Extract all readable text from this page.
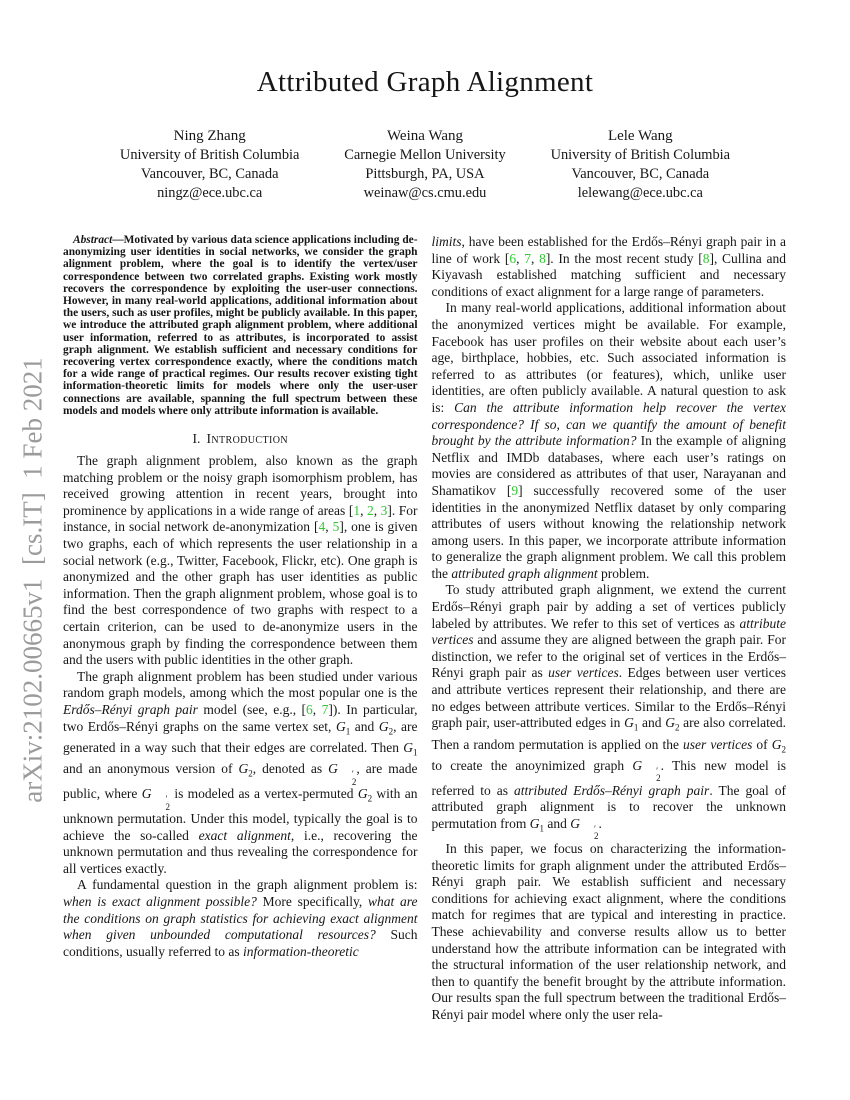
arXiv:2102.00665v1  [cs.IT]  1 Feb 2021
Attributed Graph Alignment
Ning Zhang
University of British Columbia
Vancouver, BC, Canada
ningz@ece.ubc.ca
Weina Wang
Carnegie Mellon University
Pittsburgh, PA, USA
weinaw@cs.cmu.edu
Lele Wang
University of British Columbia
Vancouver, BC, Canada
lelewang@ece.ubc.ca

Abstract—Motivated by various data science applications including de-anonymizing user identities in social networks, we consider the graph alignment problem, where the goal is to identify the vertex/user correspondence between two correlated graphs. Existing work mostly recovers the correspondence by exploiting the user-user connections. However, in many real-world applications, additional information about the users, such as user profiles, might be publicly available. In this paper, we introduce the attributed graph alignment problem, where additional user information, referred to as attributes, is incorporated to assist graph alignment. We establish sufficient and necessary conditions for recovering vertex correspondence exactly, where the conditions match for a wide range of practical regimes. Our results recover existing tight information-theoretic limits for models where only the user-user connections are available, spanning the full spectrum between these models and models where only attribute information is available.

I. Introduction

The graph alignment problem, also known as the graph matching problem or the noisy graph isomorphism problem, has received growing attention in recent years, brought into prominence by applications in a wide range of areas [1, 2, 3]. For instance, in social network de-anonymization [4, 5], one is given two graphs, each of which represents the user relationship in a social network (e.g., Twitter, Facebook, Flickr, etc). One graph is anonymized and the other graph has user identities as public information. Then the graph alignment problem, whose goal is to find the best correspondence of two graphs with respect to a certain criterion, can be used to de-anonymize users in the anonymous graph by finding the correspondence between them and the users with public identities in the other graph.

The graph alignment problem has been studied under various random graph models, among which the most popular one is the Erdős–Rényi graph pair model (see, e.g., [6, 7]). In particular, two Erdős–Rényi graphs on the same vertex set, $G_1$ and $G_2$, are generated in a way such that their edges are correlated. Then $G_1$ and an anonymous version of $G_2$, denoted as G	′
2
, are made public, where G	′
2
is modeled as a vertex-permuted $G_2$ with an unknown permutation. Under this model, typically the goal is to achieve the so-called exact alignment, i.e., recovering the unknown permutation and thus revealing the correspondence for all vertices exactly.

A fundamental question in the graph alignment problem is: when is exact alignment possible? More specifically, what are the conditions on graph statistics for achieving exact alignment when given unbounded computational resources? Such conditions, usually referred to as information-theoretic

limits, have been established for the Erdős–Rényi graph pair in a line of work [6, 7, 8]. In the most recent study [8], Cullina and Kiyavash established matching sufficient and necessary conditions of exact alignment for a large range of parameters.

In many real-world applications, additional information about the anonymized vertices might be available. For example, Facebook has user profiles on their website about each user’s age, birthplace, hobbies, etc. Such associated information is referred to as attributes (or features), which, unlike user identities, are often publicly available. A natural question to ask is: Can the attribute information help recover the vertex correspondence? If so, can we quantify the amount of benefit brought by the attribute information? In the example of aligning Netflix and IMDb databases, where each user’s ratings on movies are considered as attributes of that user, Narayanan and Shamatikov [9] successfully recovered some of the user identities in the anonymized Netflix dataset by only comparing attributes of users without knowing the relationship network among users. In this paper, we incorporate attribute information to generalize the graph alignment problem. We call this problem the attributed graph alignment problem.

To study attributed graph alignment, we extend the current Erdős–Rényi graph pair by adding a set of vertices publicly labeled by attributes. We refer to this set of vertices as attribute vertices and assume they are aligned between the graph pair. For distinction, we refer to the original set of vertices in the Erdős–Rényi graph pair as user vertices. Edges between user vertices and attribute vertices represent their relationship, and there are no edges between attribute vertices. Similar to the Erdős–Rényi graph pair, user-attributed edges in $G_1$ and $G_2$ are also correlated. Then a random permutation is applied on the user vertices of $G_2$ to create the anoynimized graph G	′
2
. This new model is referred to as attributed Erdős–Rényi graph pair. The goal of attributed graph alignment is to recover the unknown permutation from $G_1$ and G	′
2
.

In this paper, we focus on characterizing the information-theoretic limits for graph alignment under the attributed Erdős–Rényi graph pair. We establish sufficient and necessary conditions for achieving exact alignment, where the conditions match for regimes that are typical and interesting in practice. These achievability and converse results allow us to better understand how the attribute information can be integrated with the structural information of the user relationship network, and then to quantify the benefit brought by the attribute information. Our results span the full spectrum between the traditional Erdős–Rényi pair model where only the user rela-
